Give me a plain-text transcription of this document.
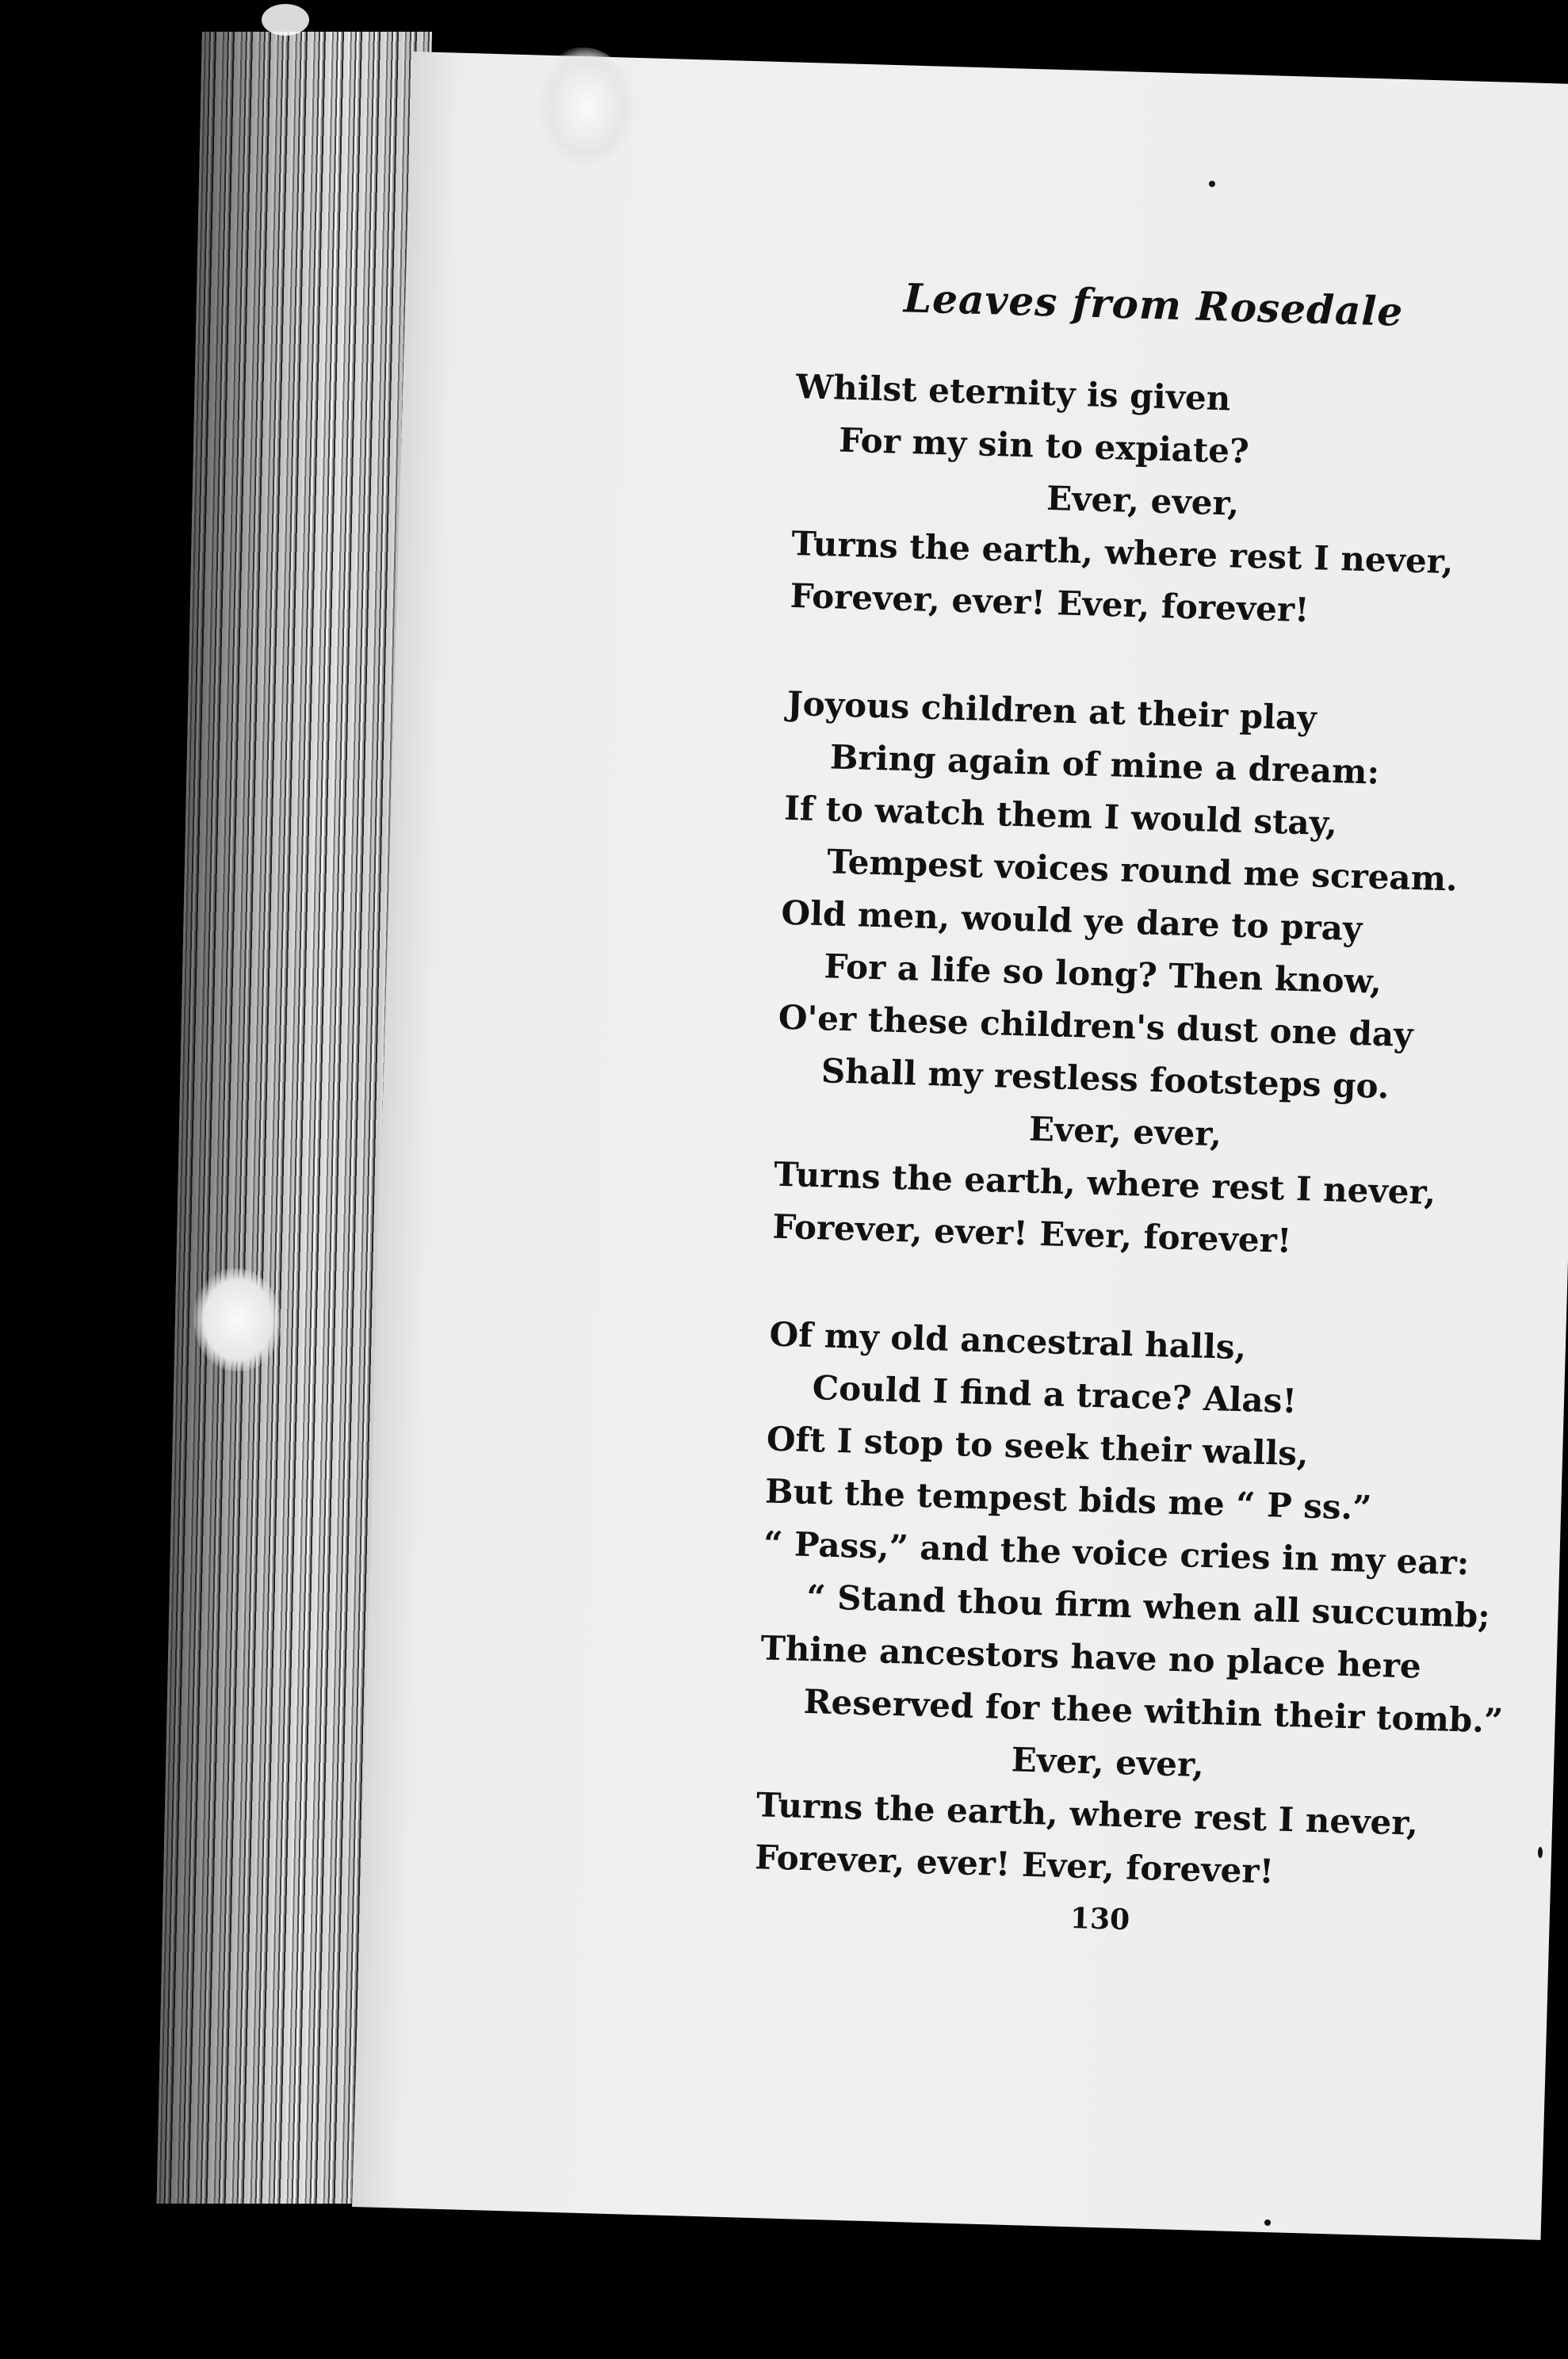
Leaves from Rosedale
Whilst eternity is given
For my sin to expiate?
Ever, ever,
Turns the earth, where rest I never,
Forever, ever! Ever, forever!
Joyous children at their play
Bring again of mine a dream:
If to watch them I would stay,
Tempest voices round me scream.
Old men, would ye dare to pray
For a life so long? Then know,
O'er these children's dust one day
Shall my restless footsteps go.
Ever, ever,
Turns the earth, where rest I never,
Forever, ever! Ever, forever!
Of my old ancestral halls,
Could I find a trace? Alas!
Oft I stop to seek their walls,
But the tempest bids me “ P ss.”
“ Pass,” and the voice cries in my ear:
“ Stand thou firm when all succumb;
Thine ancestors have no place here
Reserved for thee within their tomb.”
Ever, ever,
Turns the earth, where rest I never,
Forever, ever! Ever, forever!
130
